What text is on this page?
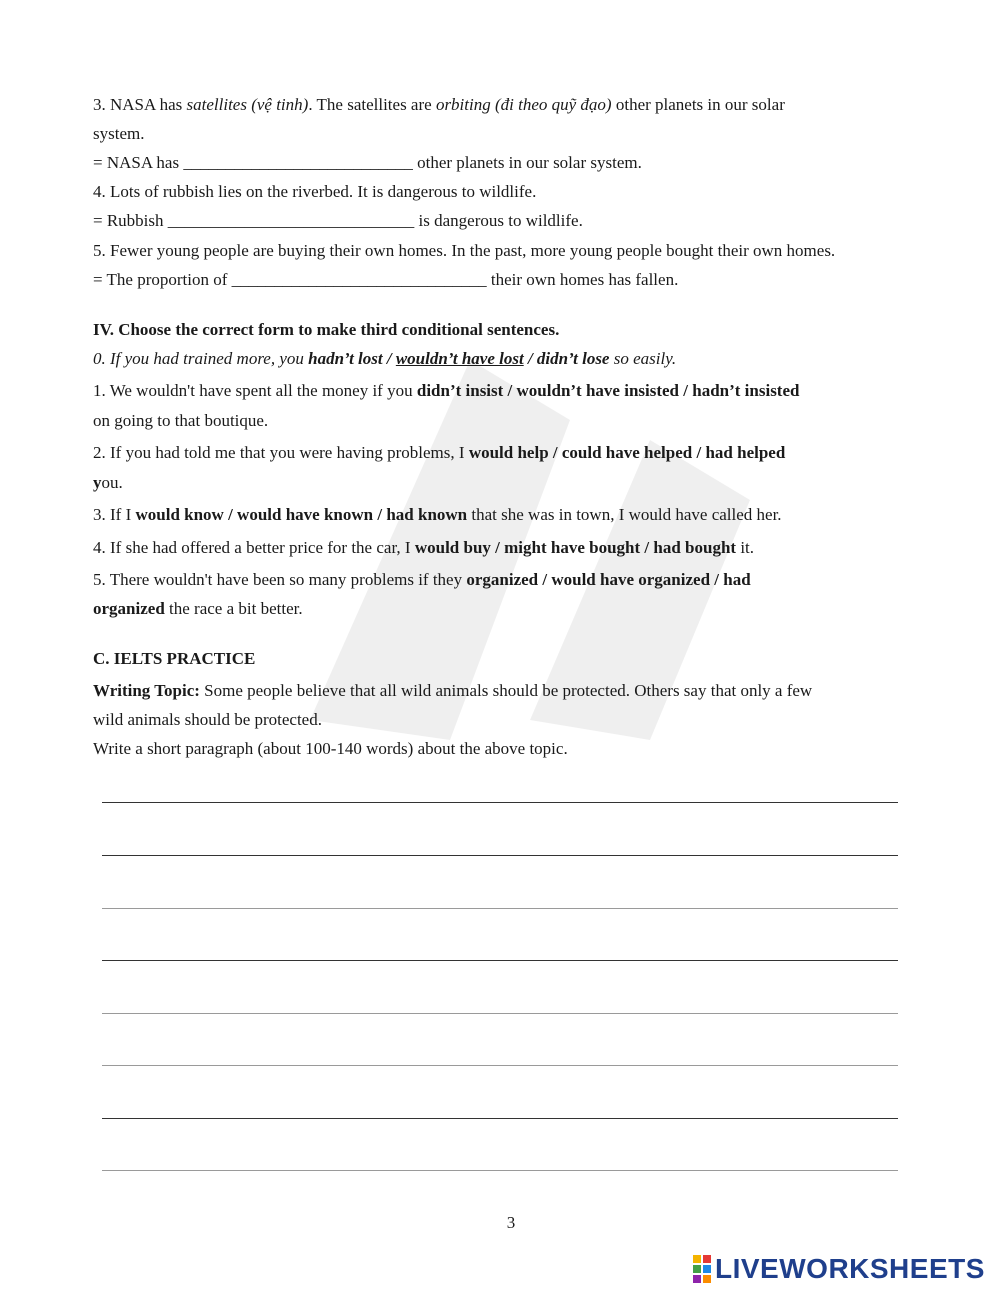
3. NASA has satellites (vệ tinh). The satellites are orbiting (đi theo quỹ đạo) other planets in our solar
system.
= NASA has ___________________________ other planets in our solar system.
4. Lots of rubbish lies on the riverbed. It is dangerous to wildlife.
= Rubbish _____________________________ is dangerous to wildlife.
5. Fewer young people are buying their own homes. In the past, more young people bought their own homes.
= The proportion of ______________________________ their own homes has fallen.
IV. Choose the correct form to make third conditional sentences.
0. If you had trained more, you hadn’t lost / wouldn’t have lost / didn’t lose so easily.
1. We wouldn't have spent all the money if you didn’t insist / wouldn’t have insisted / hadn’t insisted
on going to that boutique.
2. If you had told me that you were having problems, I would help / could have helped / had helped
you.
3. If I would know / would have known / had known that she was in town, I would have called her.
4. If she had offered a better price for the car, I would buy / might have bought / had bought it.
5. There wouldn't have been so many problems if they organized / would have organized / had
organized the race a bit better.
C. IELTS PRACTICE
Writing Topic: Some people believe that all wild animals should be protected. Others say that only a few
wild animals should be protected.
Write a short paragraph (about 100-140 words) about the above topic.
3
LIVEWORKSHEETS
